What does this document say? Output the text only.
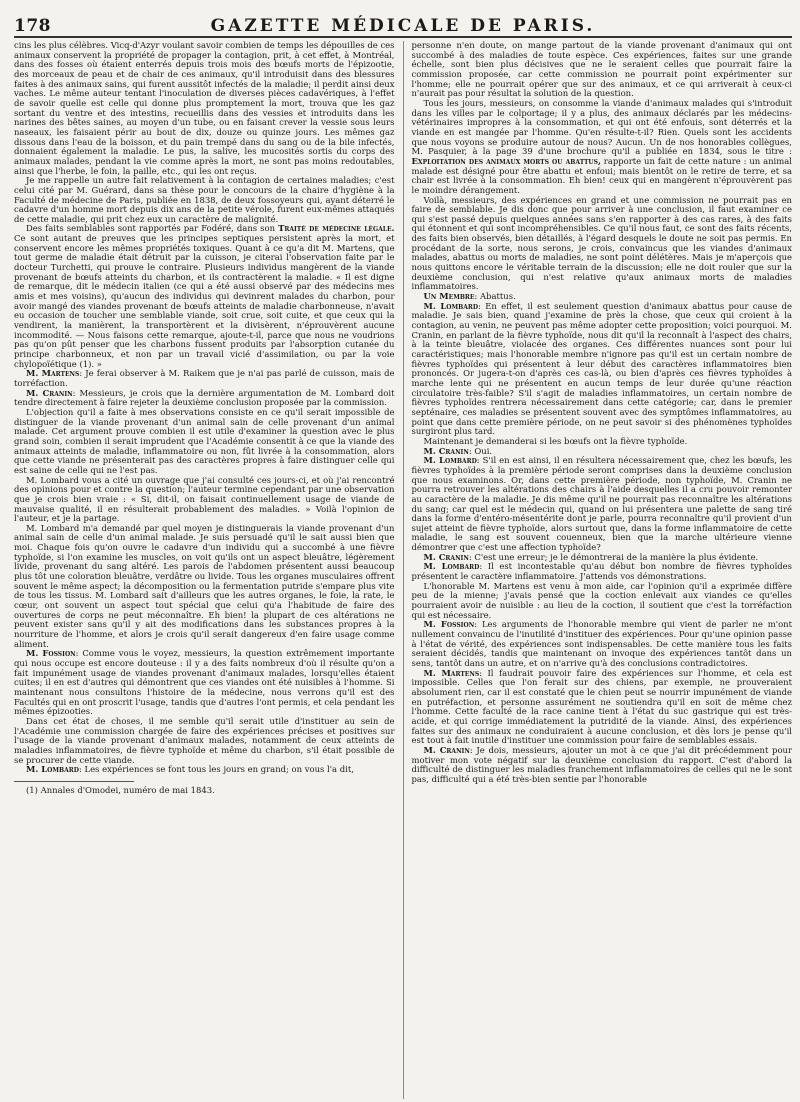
178	GAZETTE MÉDICALE DE PARIS.

cins les plus célèbres. Vicq-d'Azyr voulant savoir combien de temps les dépouilles de ces animaux conservent la propriété de propager la contagion, prit, à cet effet, à Montréal, dans des fosses où étaient enterrés depuis trois mois des bœufs morts de l'épizootie, des morceaux de peau et de chair de ces animaux, qu'il introduisit dans des blessures faites à des animaux sains, qui furent aussitôt infectés de la maladie; il perdit ainsi deux vaches. Le même auteur tentant l'inoculation de diverses pièces cadavériques, à l'effet de savoir quelle est celle qui donne plus promptement la mort, trouva que les gaz sortant du ventre et des intestins, recueillis dans des vessies et introduits dans les narines des bêtes saines, au moyen d'un tube, ou en faisant crever la vessie sous leurs naseaux, les faisaient périr au bout de dix, douze ou quinze jours. Les mêmes gaz dissous dans l'eau de la boisson, et du pain trempé dans du sang ou de la bile infectés, donnaient également la maladie. Le pus, la salive, les mucosités sortis du corps des animaux malades, pendant la vie comme après la mort, ne sont pas moins redoutables, ainsi que l'herbe, le foin, la paille, etc., qui les ont reçus.

Je me rappelle un autre fait relativement à la contagion de certaines maladies; c'est celui cité par M. Guérard, dans sa thèse pour le concours de la chaire d'hygiène à la Faculté de médecine de Paris, publiée en 1838, de deux fossoyeurs qui, ayant déterré le cadavre d'un homme mort depuis dix ans de la petite vérole, furent eux-mêmes attaqués de cette maladie, qui prit chez eux un caractère de malignité.

Des faits semblables sont rapportés par Fodéré, dans son Traité de médecine légale. Ce sont autant de preuves que les principes septiques persistent après la mort, et conservent encore les mêmes propriétés toxiques. Quant à ce qu'a dit M. Martens, que tout germe de maladie était détruit par la cuisson, je citerai l'observation faite par le docteur Turchetti, qui prouve le contraire. Plusieurs individus mangèrent de la viande provenant de bœufs atteints du charbon, et ils contractèrent la maladie. « Il est digne de remarque, dit le médecin italien (ce qui a été aussi observé par des médecins mes amis et mes voisins), qu'aucun des individus qui devinrent malades du charbon, pour avoir mangé des viandes provenant de bœufs atteints de maladie charbonneuse, n'avait eu occasion de toucher une semblable viande, soit crue, soit cuite, et que ceux qui la vendirent, la manièrent, la transportèrent et la divisèrent, n'éprouvèrent aucune incommodité. — Nous faisons cette remarque, ajoute-t-il, parce que nous ne voudrions pas qu'on pût penser que les charbons fussent produits par l'absorption cutanée du principe charbonneux, et non par un travail vicié d'assimilation, ou par la voie chylopoïétique (1). »

M. Martens: Je ferai observer à M. Raikem que je n'ai pas parlé de cuisson, mais de torréfaction.

M. Cranin: Messieurs, je crois que la dernière argumentation de M. Lombard doit tendre directement à faire rejeter la deuxième conclusion proposée par la commission.

L'objection qu'il a faite à mes observations consiste en ce qu'il serait impossible de distinguer de la viande provenant d'un animal sain de celle provenant d'un animal malade. Cet argument prouve combien il est utile d'examiner la question avec le plus grand soin, combien il serait imprudent que l'Académie consentit à ce que la viande des animaux atteints de maladie, inflammatoire ou non, fût livrée à la consommation, alors que cette viande ne présenterait pas des caractères propres à faire distinguer celle qui est saine de celle qui ne l'est pas.

M. Lombard vous a cité un ouvrage que j'ai consulté ces jours-ci, et où j'ai rencontré des opinions pour et contre la question; l'auteur termine cependant par une observation que je crois bien vraie : « Si, dit-il, on faisait continuellement usage de viande de mauvaise qualité, il en résulterait probablement des maladies. » Voilà l'opinion de l'auteur, et je la partage.

M. Lombard m'a demandé par quel moyen je distinguerais la viande provenant d'un animal sain de celle d'un animal malade. Je suis persuadé qu'il le sait aussi bien que moi. Chaque fois qu'on ouvre le cadavre d'un individu qui a succombé à une fièvre typhoïde, si l'on examine les muscles, on voit qu'ils ont un aspect bleuâtre, légèrement livide, provenant du sang altéré. Les parois de l'abdomen présentent aussi beaucoup plus tôt une coloration bleuâtre, verdâtre ou livide. Tous les organes musculaires offrent souvent le même aspect; la décomposition ou la fermentation putride s'empare plus vite de tous les tissus. M. Lombard sait d'ailleurs que les autres organes, le foie, la rate, le cœur, ont souvent un aspect tout spécial que celui qu'a l'habitude de faire des ouvertures de corps ne peut méconnaître. Eh bien! la plupart de ces altérations ne peuvent exister sans qu'il y ait des modifications dans les substances propres à la nourriture de l'homme, et alors je crois qu'il serait dangereux d'en faire usage comme aliment.

M. Fossion: Comme vous le voyez, messieurs, la question extrêmement importante qui nous occupe est encore douteuse : il y a des faits nombreux d'où il résulte qu'on a fait impunément usage de viandes provenant d'animaux malades, lorsqu'elles étaient cuites; il en est d'autres qui démontrent que ces viandes ont été nuisibles à l'homme. Si maintenant nous consultons l'histoire de la médecine, nous verrons qu'il est des Facultés qui en ont proscrit l'usage, tandis que d'autres l'ont permis, et cela pendant les mêmes épizooties.

Dans cet état de choses, il me semble qu'il serait utile d'instituer au sein de l'Académie une commission chargée de faire des expériences précises et positives sur l'usage de la viande provenant d'animaux malades, notamment de ceux atteints de maladies inflammatoires, de fièvre typhoïde et même du charbon, s'il était possible de se procurer de cette viande.

M. Lombard: Les expériences se font tous les jours en grand; on vous l'a dit,

(1) Annales d'Omodei, numéro de mai 1843.

personne n'en doute, on mange partout de la viande provenant d'animaux qui ont succombé à des maladies de toute espèce. Ces expériences, faites sur une grande échelle, sont bien plus décisives que ne le seraient celles que pourrait faire la commission proposée, car cette commission ne pourrait point expérimenter sur l'homme; elle ne pourrait opérer que sur des animaux, et ce qui arriverait à ceux-ci n'aurait pas pour résultat la solution de la question.

Tous les jours, messieurs, on consomme la viande d'animaux malades qui s'introduit dans les villes par le colportage; il y a plus, des animaux déclarés par les médecins-vétérinaires impropres à la consommation, et qui ont été enfouis, sont déterrés et la viande en est mangée par l'homme. Qu'en résulte-t-il? Rien. Quels sont les accidents que nous voyons se produire autour de nous? Aucun. Un de nos honorables collègues, M. Pasquier, à la page 39 d'une brochure qu'il a publiée en 1834, sous le titre : Exploitation des animaux morts ou abattus, rapporte un fait de cette nature : un animal malade est désigné pour être abattu et enfoui; mais bientôt on le retire de terre, et sa chair est livrée à la consommation. Eh bien! ceux qui en mangèrent n'éprouvèrent pas le moindre dérangement.

Voilà, messieurs, des expériences en grand et une commission ne pourrait pas en faire de semblable. Je dis donc que pour arriver à une conclusion, il faut examiner ce qui s'est passé depuis quelques années sans s'en rapporter à des cas rares, à des faits qui étonnent et qui sont incompréhensibles. Ce qu'il nous faut, ce sont des faits récents, des faits bien observés, bien détaillés, à l'égard desquels le doute ne soit pas permis. En procédant de la sorte, nous serons, je crois, convaincus que les viandes d'animaux malades, abattus ou morts de maladies, ne sont point délétères. Mais je m'aperçois que nous quittons encore le véritable terrain de la discussion; elle ne doit rouler que sur la deuxième conclusion, qui n'est relative qu'aux animaux morts de maladies inflammatoires.

Un Membre: Abattus.

M. Lombard: En effet, il est seulement question d'animaux abattus pour cause de maladie. Je sais bien, quand j'examine de près la chose, que ceux qui croient à la contagion, au venin, ne peuvent pas même adopter cette proposition; voici pourquoi. M. Cranin, en parlant de la fièvre typhoïde, nous dit qu'il la reconnaît à l'aspect des chairs, à la teinte bleuâtre, violacée des organes. Ces différentes nuances sont pour lui caractéristiques; mais l'honorable membre n'ignore pas qu'il est un certain nombre de fièvres typhoïdes qui présentent à leur début des caractères inflammatoires bien prononcés. Or jugera-t-on d'après ces cas-là, ou bien d'après ces fièvres typhoïdes à marche lente qui ne présentent en aucun temps de leur durée qu'une réaction circulatoire très-faible? S'il s'agit de maladies inflammatoires, un certain nombre de fièvres typhoïdes rentrera nécessairement dans cette catégorie; car, dans le premier septénaire, ces maladies se présentent souvent avec des symptômes inflammatoires, au point que dans cette première période, on ne peut savoir si des phénomènes typhoïdes surgiront plus tard.

Maintenant je demanderai si les bœufs ont la fièvre typhoïde.

M. Cranin: Oui.

M. Lombard: S'il en est ainsi, il en résultera nécessairement que, chez les bœufs, les fièvres typhoïdes à la première période seront comprises dans la deuxième conclusion que nous examinons. Or, dans cette première période, non typhoïde, M. Cranin ne pourra retrouver les altérations des chairs à l'aide desquelles il a cru pouvoir remonter au caractère de la maladie. Je dis même qu'il ne pourrait pas reconnaître les altérations du sang; car quel est le médecin qui, quand on lui présentera une palette de sang tiré dans la forme d'entéro-mésentérite dont je parle, pourra reconnaître qu'il provient d'un sujet atteint de fièvre typhoïde, alors surtout que, dans la forme inflammatoire de cette maladie, le sang est souvent couenneux, bien que la marche ultérieure vienne démontrer que c'est une affection typhoïde?

M. Cranin: C'est une erreur; je le démontrerai de la manière la plus évidente.

M. Lombard: Il est incontestable qu'au début bon nombre de fièvres typhoïdes présentent le caractère inflammatoire. J'attends vos démonstrations.

L'honorable M. Martens est venu à mon aide, car l'opinion qu'il a exprimée diffère peu de la mienne; j'avais pensé que la coction enlevait aux viandes ce qu'elles pourraient avoir de nuisible : au lieu de la coction, il soutient que c'est la torréfaction qui est nécessaire.

M. Fossion: Les arguments de l'honorable membre qui vient de parler ne m'ont nullement convaincu de l'inutilité d'instituer des expériences. Pour qu'une opinion passe à l'état de vérité, des expériences sont indispensables. De cette manière tous les faits seraient décidés, tandis que maintenant on invoque des expériences tantôt dans un sens, tantôt dans un autre, et on n'arrive qu'à des conclusions contradictoires.

M. Martens: Il faudrait pouvoir faire des expériences sur l'homme, et cela est impossible. Celles que l'on ferait sur des chiens, par exemple, ne prouveraient absolument rien, car il est constaté que le chien peut se nourrir impunément de viande en putréfaction, et personne assurément ne soutiendra qu'il en soit de même chez l'homme. Cette faculté de la race canine tient à l'état du suc gastrique qui est très-acide, et qui corrige immédiatement la putridité de la viande. Ainsi, des expériences faites sur des animaux ne conduiraient à aucune conclusion, et dès lors je pense qu'il est tout à fait inutile d'instituer une commission pour faire de semblables essais.

M. Cranin: Je dois, messieurs, ajouter un mot à ce que j'ai dit précédemment pour motiver mon vote négatif sur la deuxième conclusion du rapport. C'est d'abord la difficulté de distinguer les maladies franchement inflammatoires de celles qui ne le sont pas, difficulté qui a été très-bien sentie par l'honorable
